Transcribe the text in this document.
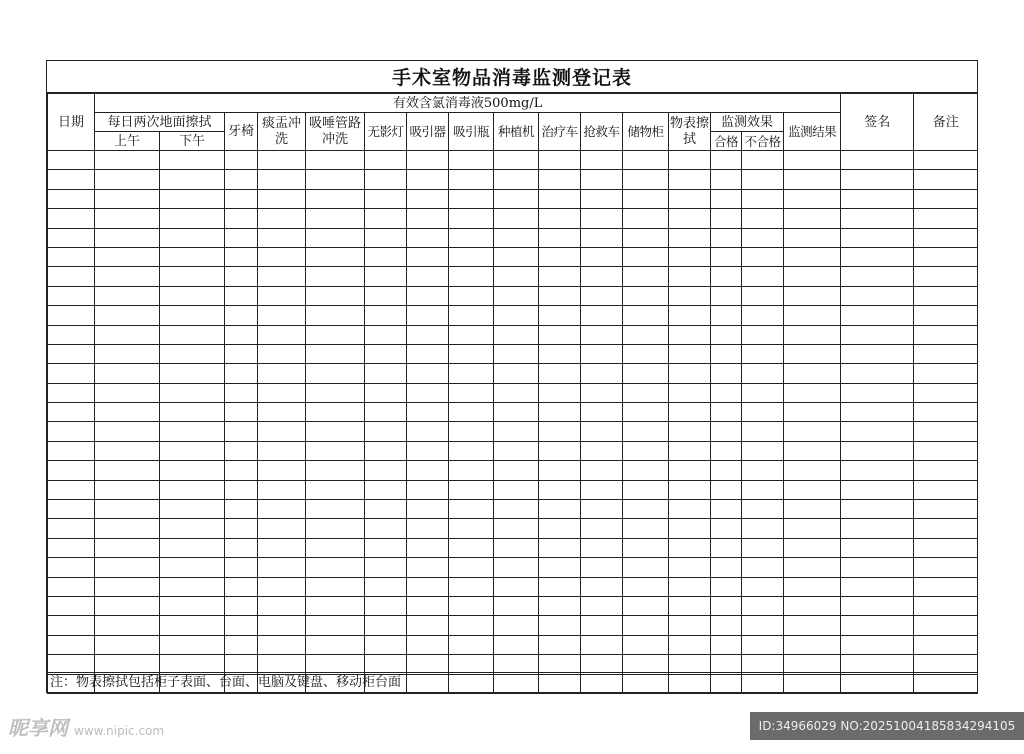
手术室物品消毒监测登记表
日期	有效含氯消毒液500mg/L																签名	备注
	每日两次地面擦拭		牙椅	痰盂冲洗	吸唾管路冲洗	无影灯	吸引器	吸引瓶	种植机	治疗车	抢救车	储物柜	物表擦拭	监测效果		监测结果		
	上午	下午												合格	不合格			

注：物表擦拭包括柜子表面、台面、电脑及键盘、移动柜台面
昵享网 www.nipic.com	ID:34966029 NO:20251004185834294105
